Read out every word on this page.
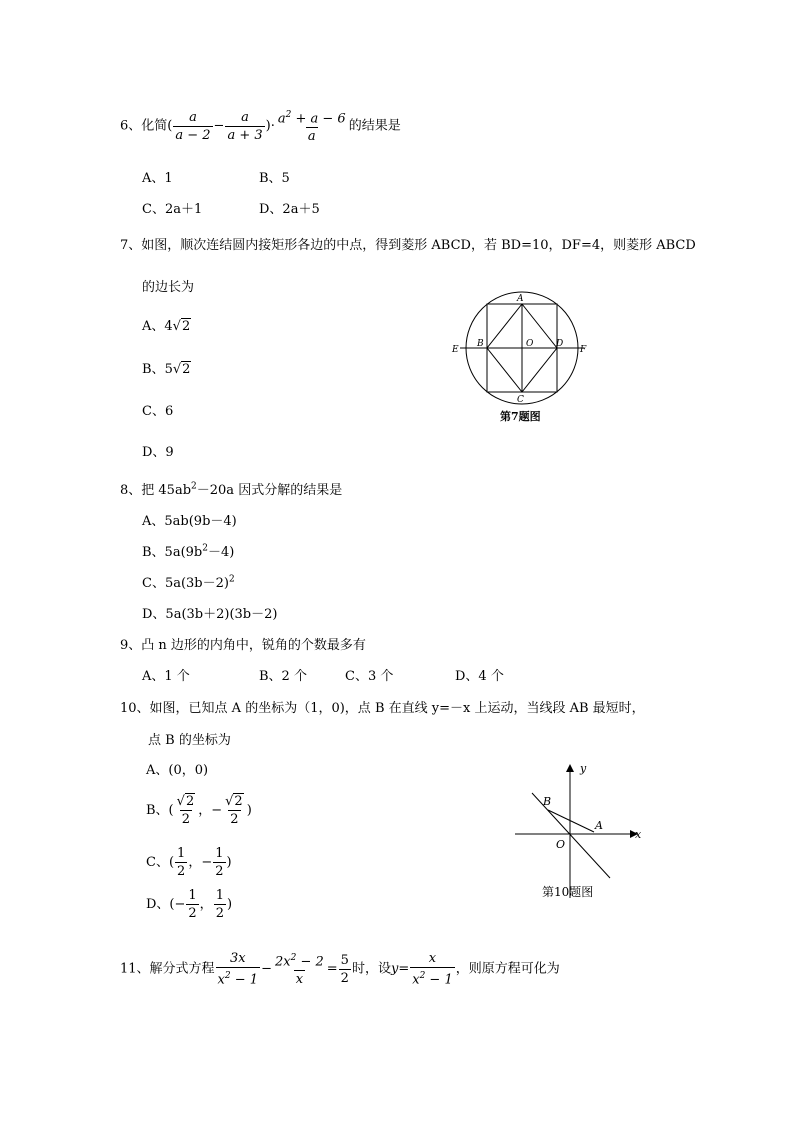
6、化简( $\frac{a}{a - 2} - \frac{a}{a + 3}$ )· $\frac{a^2 + a - 6}{a}$ 的结果是
A、1	B、5
C、2a＋1	D、2a＋5
7、如图，顺次连结圆内接矩形各边的中点，得到菱形 ABCD，若 BD=10，DF=4，则菱形 ABCD
的边长为
A、4√2
B、5√2
C、6
D、9
A
B	O	D
E	F
C
第7题图
8、把 $45ab^2-20a$ 因式分解的结果是
A、5ab(9b－4)
B、$5a(9b^2-4)$
C、$5a(3b-2)^2$
D、5a(3b＋2)(3b－2)
9、凸 n 边形的内角中，锐角的个数最多有
A、1 个	B、2 个	C、3 个	D、4 个
10、如图，已知点 A 的坐标为（1，0)，点 B 在直线 y=－x 上运动，当线段 AB 最短时，
点 B 的坐标为
A、(0，0)
B、( $\frac{√2}{2}$ ，− $\frac{√2}{2}$ )
C、( $\frac{1}{2}$ ，− $\frac{1}{2}$ )
D、(− $\frac{1}{2}$ ， $\frac{1}{2}$ )
y
x
B
A
O
第10题图
11、解分式方程 $\frac{3x}{x^2 - 1} - \frac{2x^2 - 2}{x} = \frac{5}{2}$ 时，设$y= \frac{x}{x^2 - 1}$ ，则原方程可化为
